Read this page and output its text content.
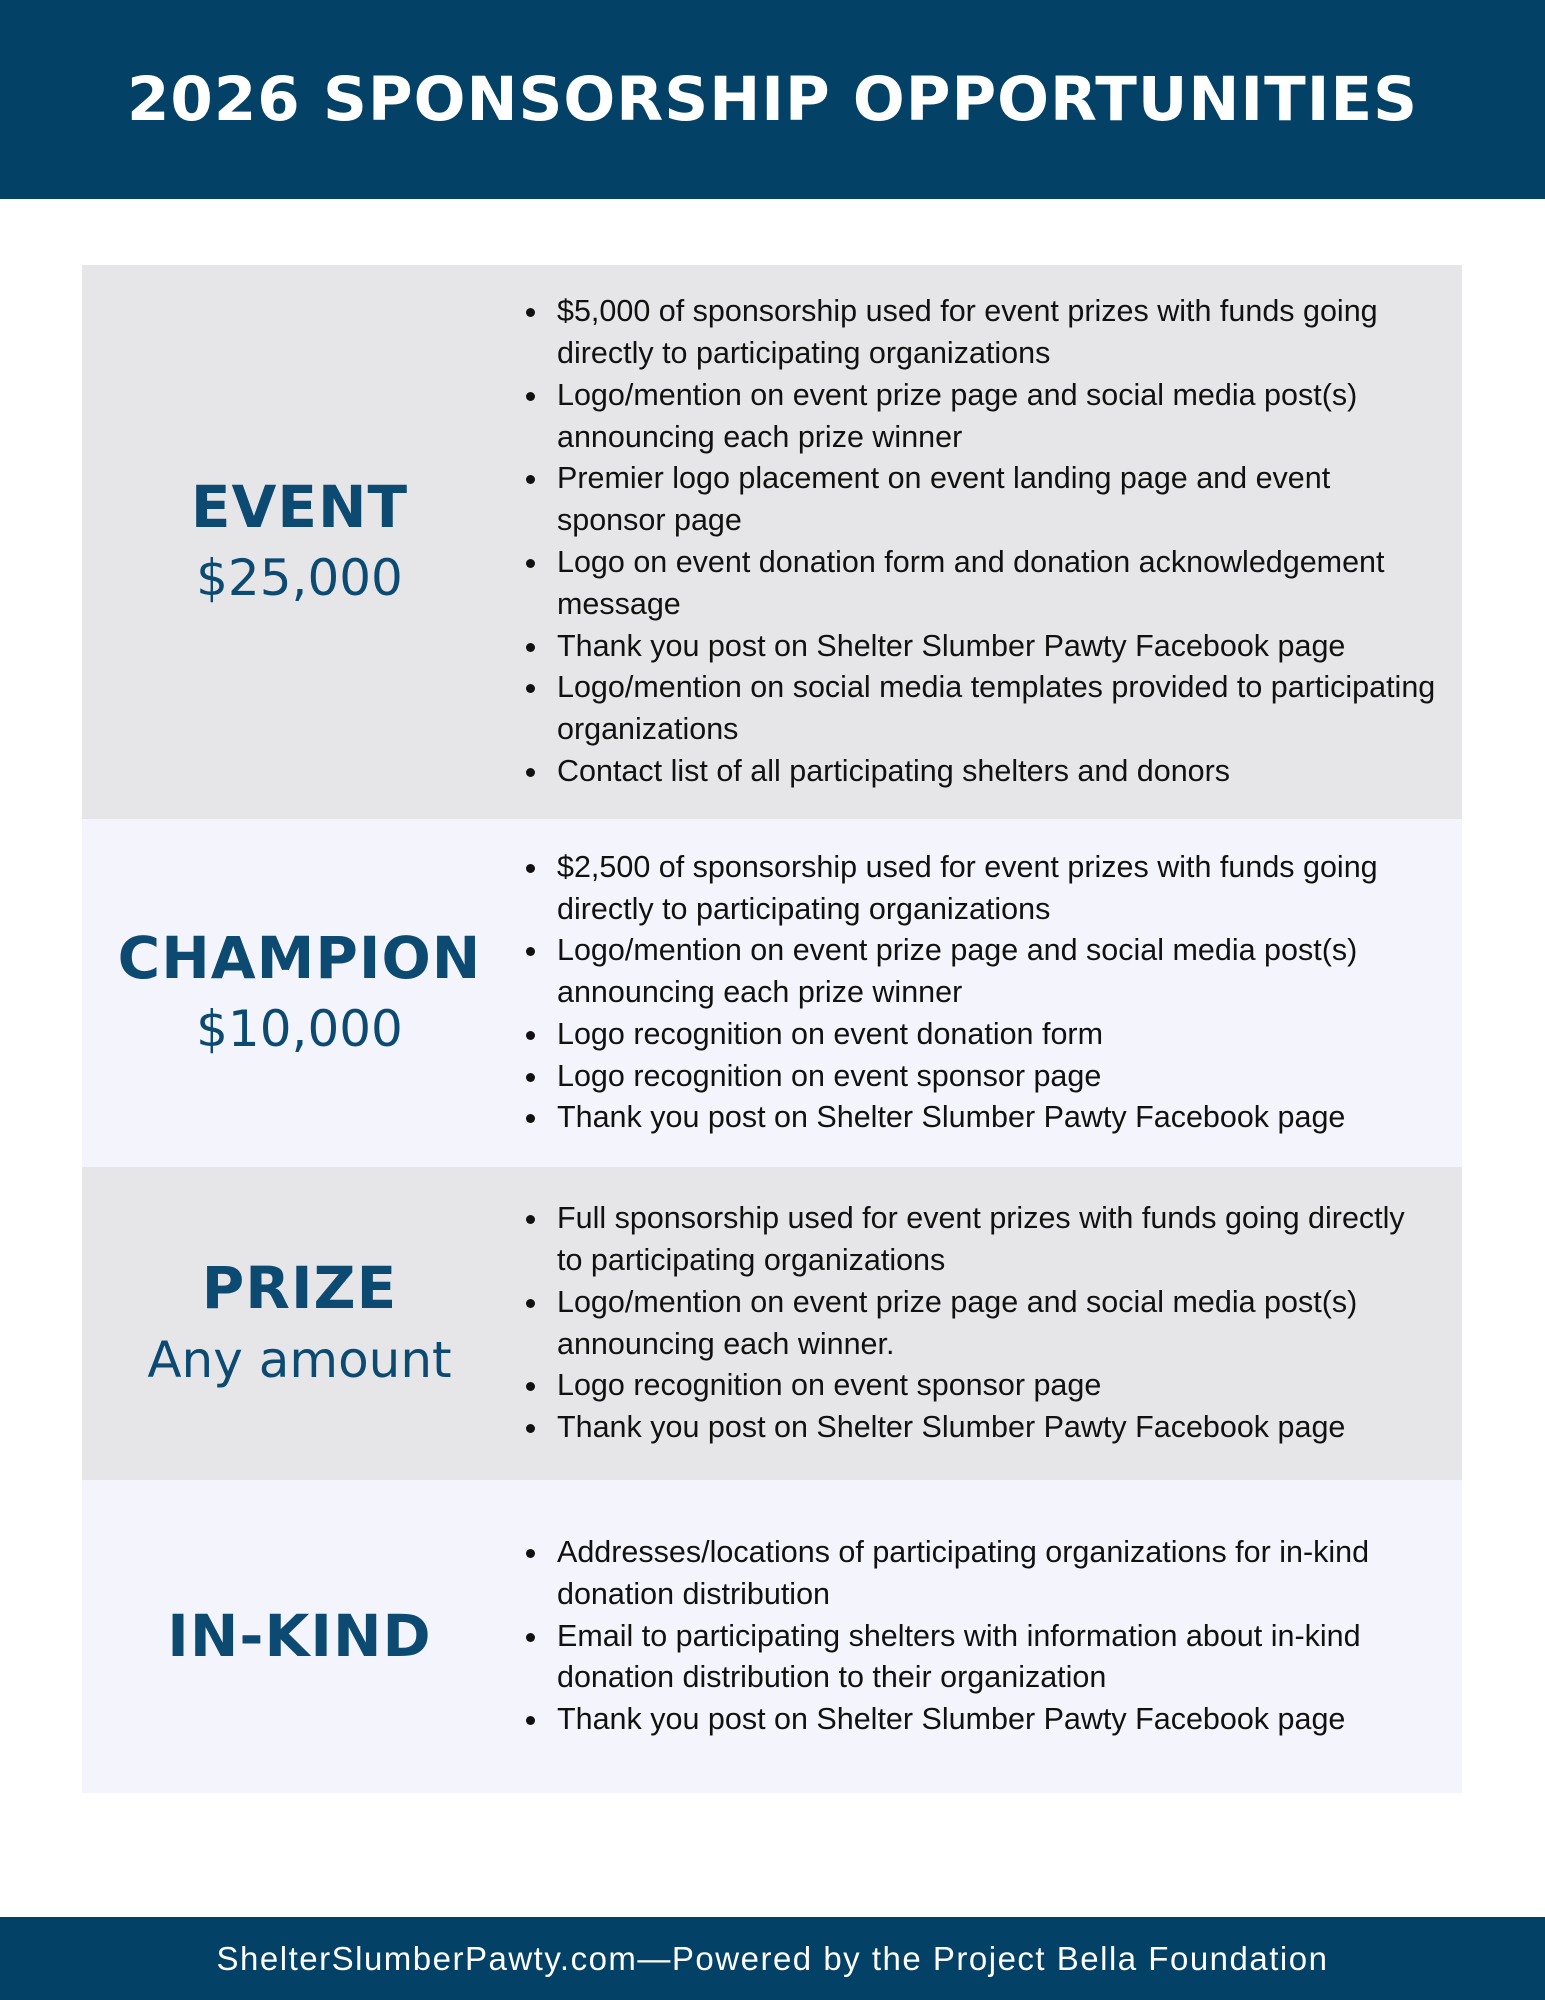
2026 SPONSORSHIP OPPORTUNITIES
EVENT
$25,000
$5,000 of sponsorship used for event prizes with funds going directly to participating organizations
Logo/mention on event prize page and social media post(s) announcing each prize winner
Premier logo placement on event landing page and event sponsor page
Logo on event donation form and donation acknowledgement message
Thank you post on Shelter Slumber Pawty Facebook page
Logo/mention on social media templates provided to participating organizations
Contact list of all participating shelters and donors
CHAMPION
$10,000
$2,500 of sponsorship used for event prizes with funds going directly to participating organizations
Logo/mention on event prize page and social media post(s) announcing each prize winner
Logo recognition on event donation form
Logo recognition on event sponsor page
Thank you post on Shelter Slumber Pawty Facebook page
PRIZE
Any amount
Full sponsorship used for event prizes with funds going directly to participating organizations
Logo/mention on event prize page and social media post(s) announcing each winner.
Logo recognition on event sponsor page
Thank you post on Shelter Slumber Pawty Facebook page
IN-KIND
Addresses/locations of participating organizations for in-kind donation distribution
Email to participating shelters with information about in-kind donation distribution to their organization
Thank you post on Shelter Slumber Pawty Facebook page
ShelterSlumberPawty.com—Powered by the Project Bella Foundation
